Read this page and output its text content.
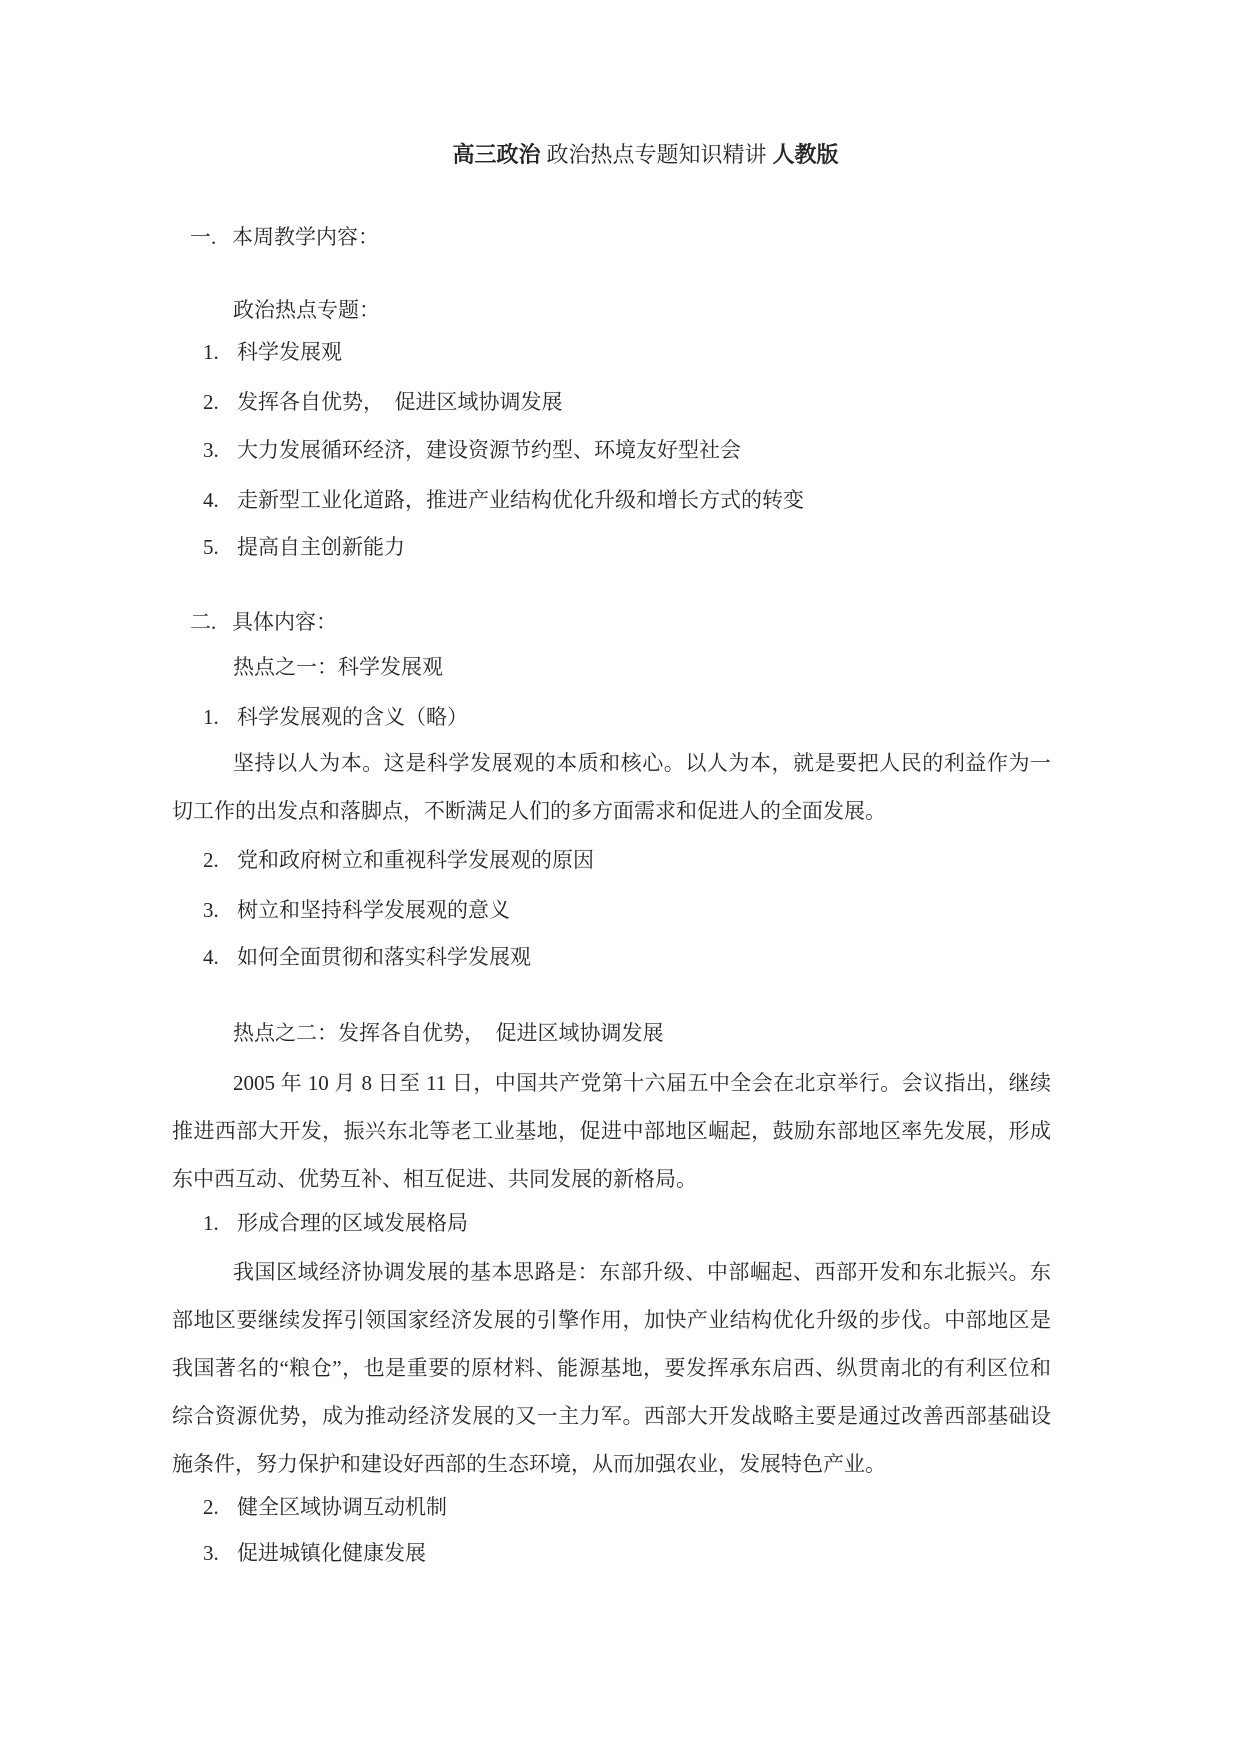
高三政治 政治热点专题知识精讲 人教版
一. 本周教学内容：
政治热点专题：
1. 科学发展观
2. 发挥各自优势，　促进区域协调发展
3. 大力发展循环经济，建设资源节约型、环境友好型社会
4. 走新型工业化道路，推进产业结构优化升级和增长方式的转变
5. 提高自主创新能力
二. 具体内容：
热点之一：科学发展观
1. 科学发展观的含义（略）
坚持以人为本。这是科学发展观的本质和核心。以人为本，就是要把人民的利益作为一切工作的出发点和落脚点，不断满足人们的多方面需求和促进人的全面发展。
2. 党和政府树立和重视科学发展观的原因
3. 树立和坚持科学发展观的意义
4. 如何全面贯彻和落实科学发展观
热点之二：发挥各自优势，　促进区域协调发展
2005 年 10 月 8 日至 11 日，中国共产党第十六届五中全会在北京举行。会议指出，继续推进西部大开发，振兴东北等老工业基地，促进中部地区崛起，鼓励东部地区率先发展，形成东中西互动、优势互补、相互促进、共同发展的新格局。
1. 形成合理的区域发展格局
我国区域经济协调发展的基本思路是：东部升级、中部崛起、西部开发和东北振兴。东部地区要继续发挥引领国家经济发展的引擎作用，加快产业结构优化升级的步伐。中部地区是我国著名的“粮仓”，也是重要的原材料、能源基地，要发挥承东启西、纵贯南北的有利区位和综合资源优势，成为推动经济发展的又一主力军。西部大开发战略主要是通过改善西部基础设施条件，努力保护和建设好西部的生态环境，从而加强农业，发展特色产业。
2. 健全区域协调互动机制
3. 促进城镇化健康发展
